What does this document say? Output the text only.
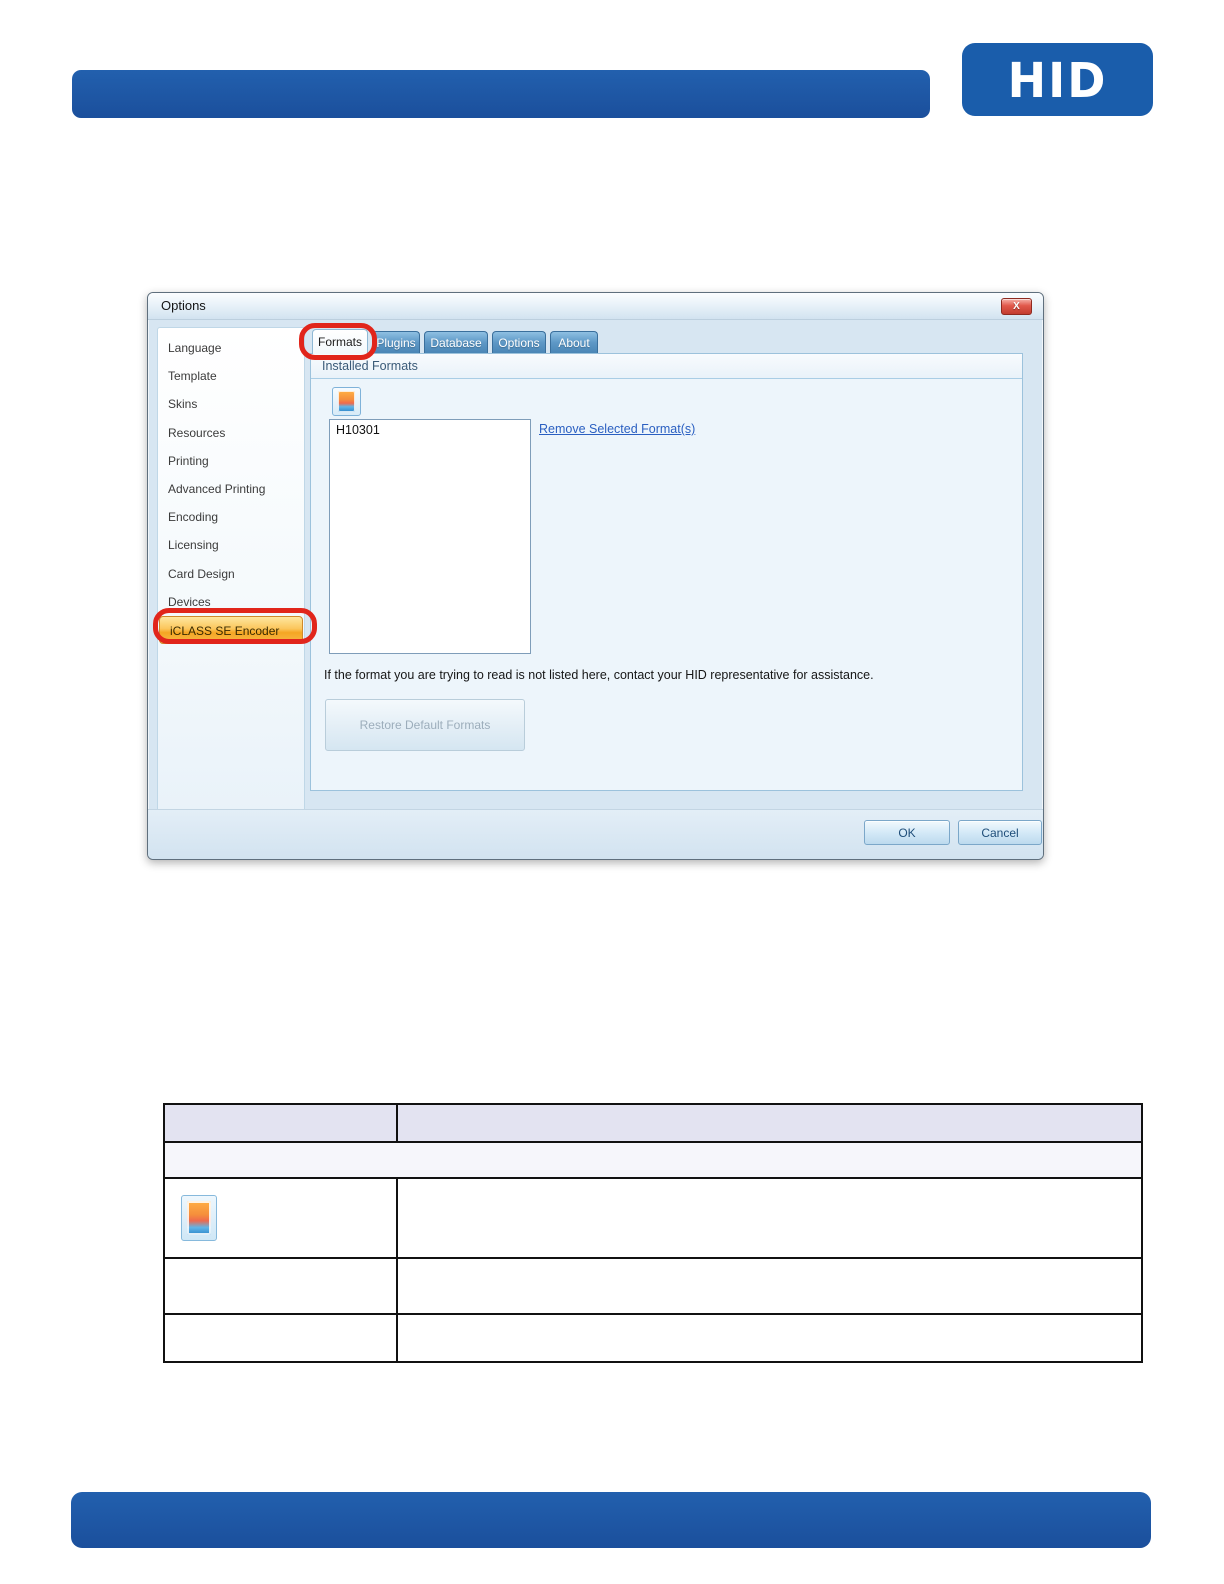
HID
Options	X
Language
Template
Skins
Resources
Printing
Advanced Printing
Encoding
Licensing
Card Design
Devices
iCLASS SE Encoder
Formats	Plugins	Database	Options	About
Installed Formats
H10301	Remove Selected Format(s)
If the format you are trying to read is not listed here, contact your HID representative for assistance.
Restore Default Formats
OK	Cancel
